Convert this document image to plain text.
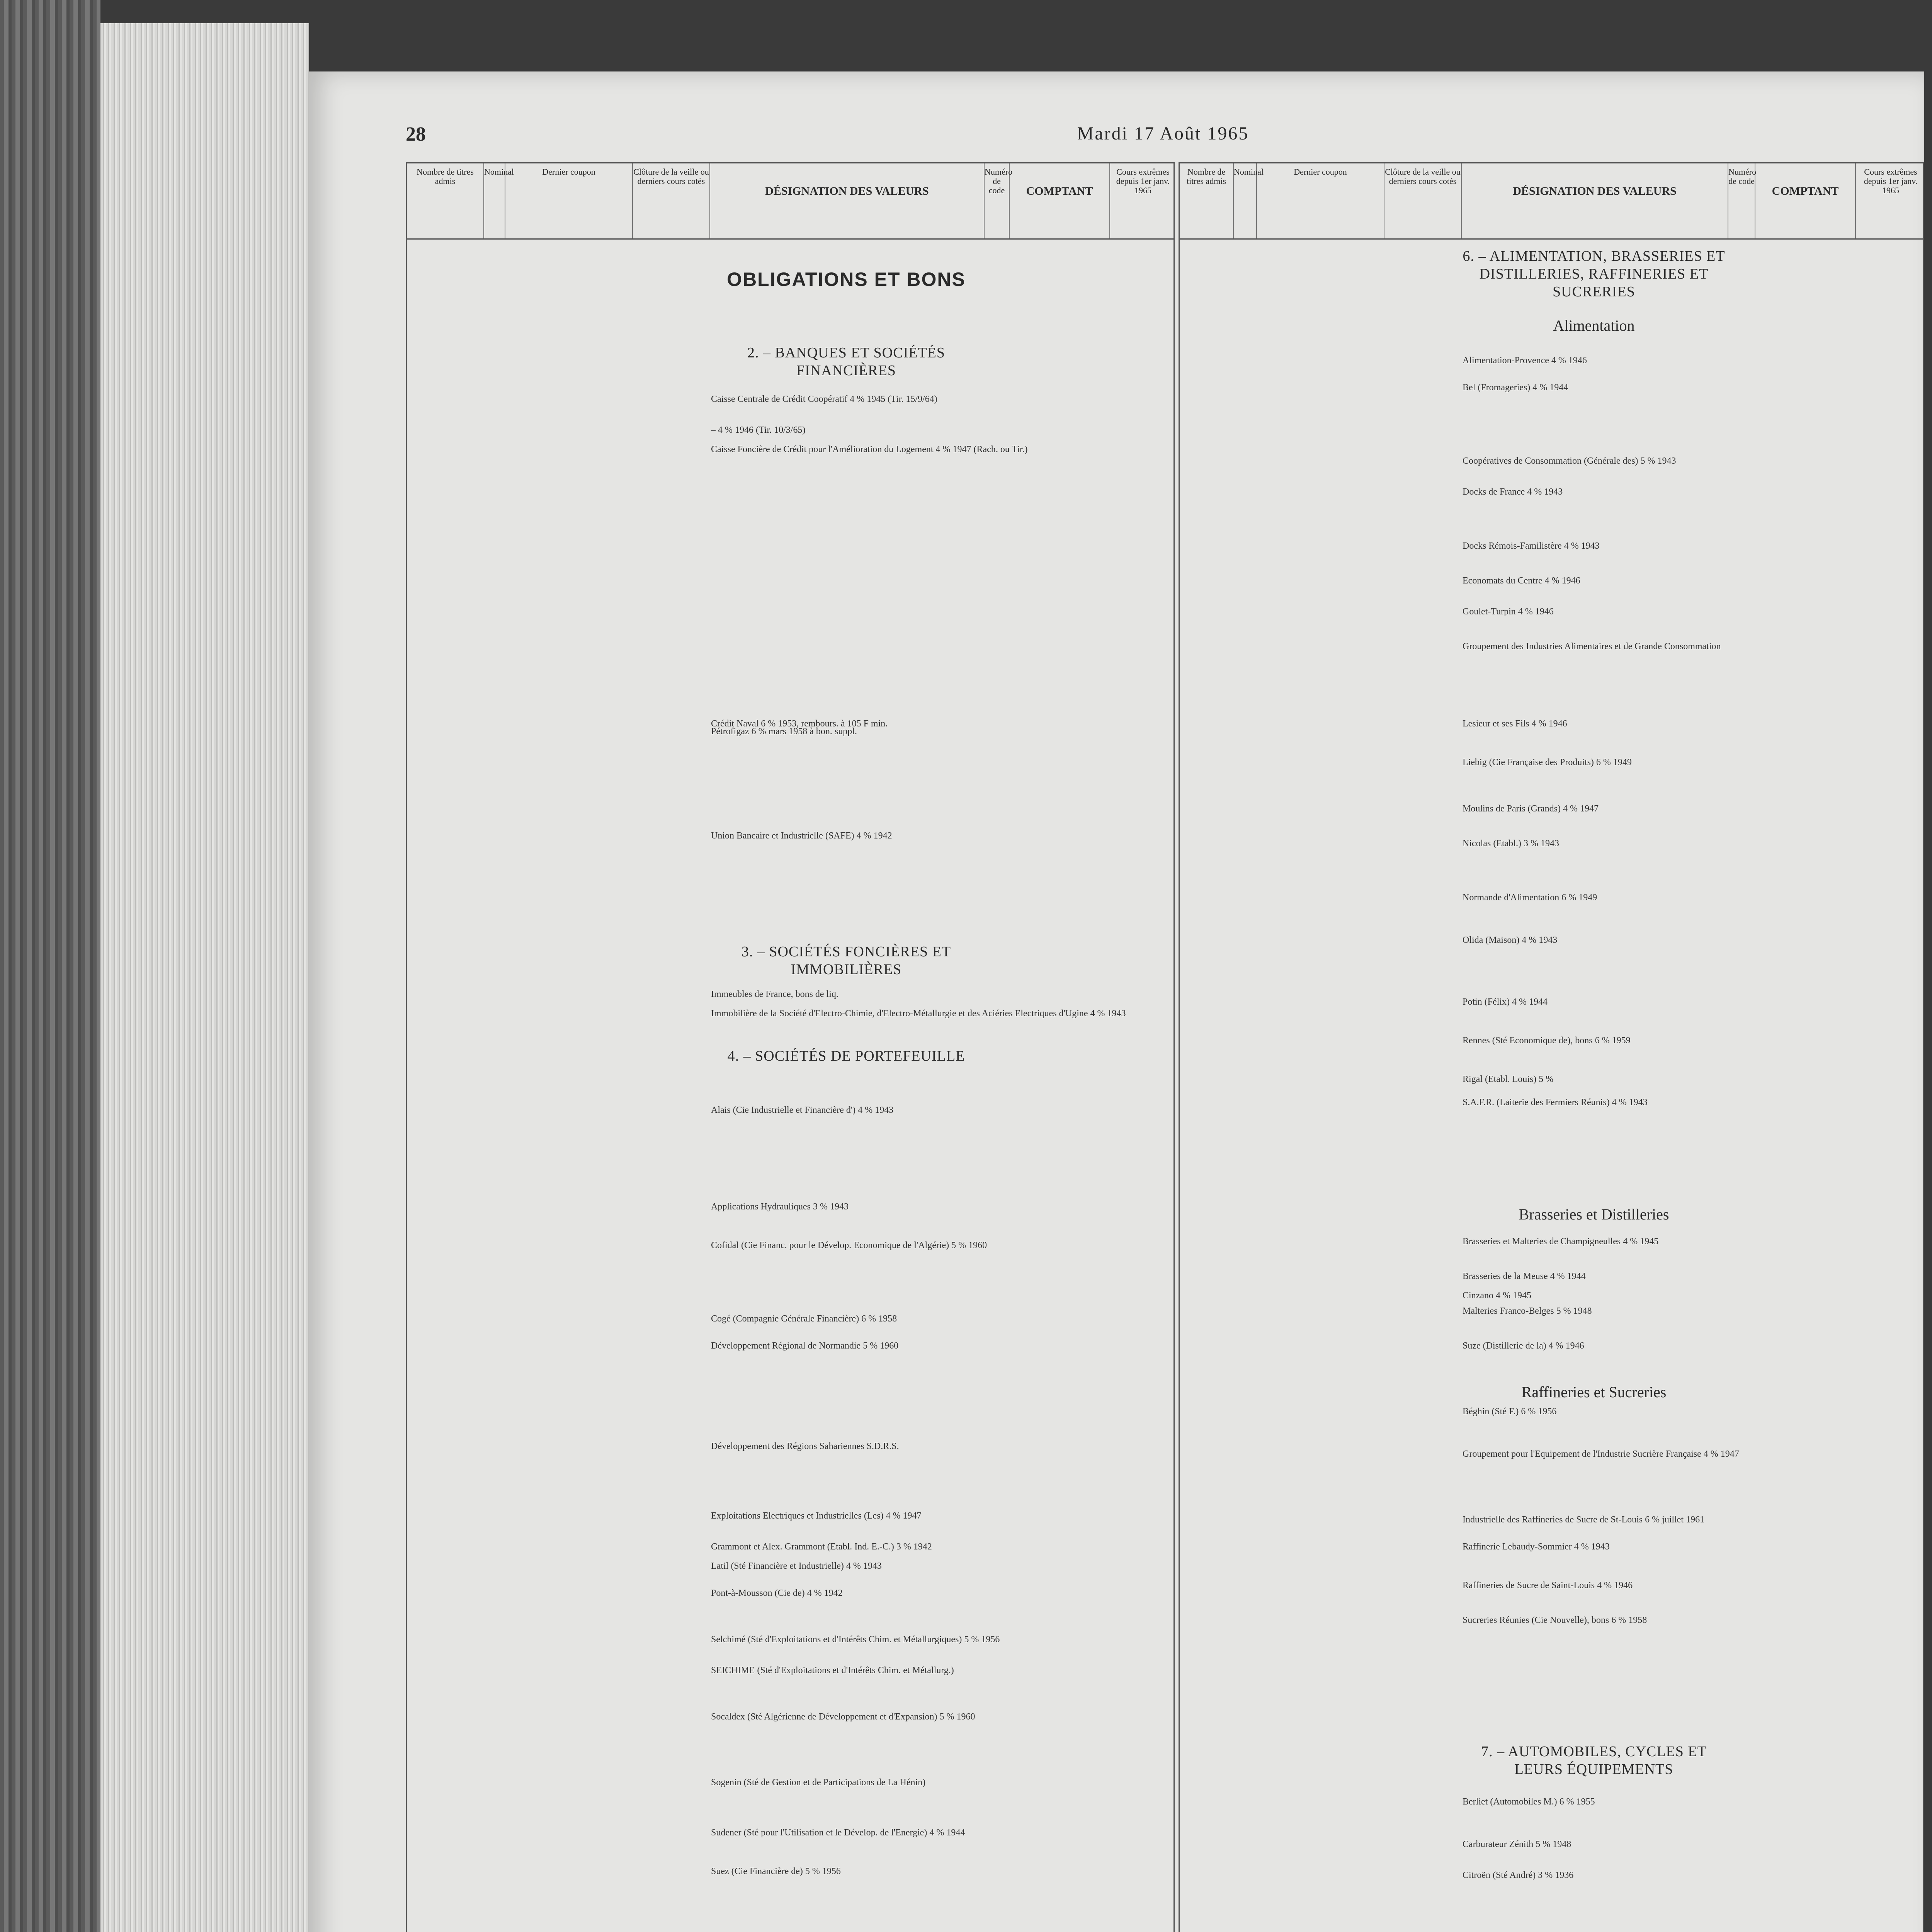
28	Mardi 17 Août 1965
Nombre de titres admis
Nominal	Dernier coupon	Clôture de la veille ou derniers cours cotés
DÉSIGNATION DES VALEURS
Numéro de code	COMPTANT
Cours extrêmes depuis 1er janv. 1965
Nombre de titres admis
Nominal	Dernier coupon	Clôture de la veille ou derniers cours cotés
DÉSIGNATION DES VALEURS
Numéro de code
COMPTANT
Cours extrêmes depuis 1er janv. 1965
OBLIGATIONS ET BONS
2. – BANQUES ET SOCIÉTÉS FINANCIÈRES
3. – SOCIÉTÉS FONCIÈRES ET IMMOBILIÈRES
4. – SOCIÉTÉS DE PORTEFEUILLE
6. – ALIMENTATION, BRASSERIES ET DISTILLERIES, RAFFINERIES ET SUCRERIES
Alimentation
Brasseries et Distilleries
Raffineries et Sucreries
7. – AUTOMOBILES, CYCLES ET LEURS ÉQUIPEMENTS
Caisse Centrale de Crédit Coopératif 4 % 1945 (Tir. 15/9/64)
– 4 % 1946 (Tir. 10/3/65)
Caisse Foncière de Crédit pour l'Amélioration du Logement 4 % 1947 (Rach. ou Tir.)
Crédit Naval 6 % 1953, rembours. à 105 F min.
Pétrofigaz 6 % mars 1958 à bon. suppl.
Union Bancaire et Industrielle (SAFE) 4 % 1942
Immeubles de France, bons de liq.
Immobilière de la Société d'Electro-Chimie, d'Electro-Métallurgie et des Aciéries Electriques d'Ugine 4 % 1943
Alais (Cie Industrielle et Financière d') 4 % 1943
Applications Hydrauliques 3 % 1943
Cofidal (Cie Financ. pour le Dévelop. Economique de l'Algérie) 5 % 1960
Cogé (Compagnie Générale Financière) 6 % 1958
Développement Régional de Normandie 5 % 1960
Développement des Régions Sahariennes S.D.R.S.
Exploitations Electriques et Industrielles (Les) 4 % 1947
Grammont et Alex. Grammont (Etabl. Ind. E.-C.) 3 % 1942
Latil (Sté Financière et Industrielle) 4 % 1943
Pont-à-Mousson (Cie de) 4 % 1942
Selchimé (Sté d'Exploitations et d'Intérêts Chim. et Métallurgiques) 5 % 1956
SEICHIME (Sté d'Exploitations et d'Intérêts Chim. et Métallurg.)
Socaldex (Sté Algérienne de Développement et d'Expansion) 5 % 1960
Sogenin (Sté de Gestion et de Participations de La Hénin)
Sudener (Sté pour l'Utilisation et le Dévelop. de l'Energie) 4 % 1944
Suez (Cie Financière de) 5 % 1956
Alimentation-Provence 4 % 1946
Bel (Fromageries) 4 % 1944
Coopératives de Consommation (Générale des) 5 % 1943
Docks de France 4 % 1943
Docks Rémois-Familistère 4 % 1943
Economats du Centre 4 % 1946
Goulet-Turpin 4 % 1946
Groupement des Industries Alimentaires et de Grande Consommation
Lesieur et ses Fils 4 % 1946
Liebig (Cie Française des Produits) 6 % 1949
Moulins de Paris (Grands) 4 % 1947
Nicolas (Etabl.) 3 % 1943
Normande d'Alimentation 6 % 1949
Olida (Maison) 4 % 1943
Potin (Félix) 4 % 1944
Rennes (Sté Economique de), bons 6 % 1959
Rigal (Etabl. Louis) 5 %
S.A.F.R. (Laiterie des Fermiers Réunis) 4 % 1943
Brasseries et Malteries de Champigneulles 4 % 1945
Brasseries de la Meuse 4 % 1944
Cinzano 4 % 1945
Malteries Franco-Belges 5 % 1948
Suze (Distillerie de la) 4 % 1946
Béghin (Sté F.) 6 % 1956
Groupement pour l'Equipement de l'Industrie Sucrière Française 4 % 1947
Industrielle des Raffineries de Sucre de St-Louis 6 % juillet 1961
Raffinerie Lebaudy-Sommier 4 % 1943
Raffineries de Sucre de Saint-Louis 4 % 1946
Sucreries Réunies (Cie Nouvelle), bons 6 % 1958
Berliet (Automobiles M.) 6 % 1955
Carburateur Zénith 5 % 1948
Citroën (Sté André) 3 % 1936
